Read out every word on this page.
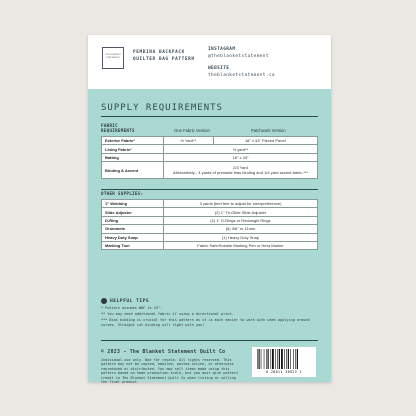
THE BLANKET STATEMENT
PEMBINA BACKPACK
QUILTED BAG PATTERN
INSTAGRAM
@theblanketstatement
WEBSITE
theblanketstatement.ca
SUPPLY REQUIREMENTS
FABRIC
REQUIREMENTS	One Fabric Version	Patchwork Version
Exterior Fabric*	½ Yard**	18" x 43" Pieced Panel
Lining Fabric*	½ yard**	
Batting	18" x 43"	
Binding & Accent	2/3 Yard
Alternatively - 4 yards of premade bias binding and 1/4 yard accent fabric.***	
OTHER SUPPLIES:
1" Webbing	3 yards (feel free to adjust for size/preference)
Slide Adjuster	(2) 1" Tri-Glide Slide Adjuster
D-Ring	(2) 1" D-Rings or Rectangle Rings
Grommets	(6) 3/8" or 11mm
Heavy Duty Snap	(1) Heavy Duty Snap
Marking Tool	Fabric Safe/Soluble Marking Pen or Hera Marker
HELPFUL TIPS
* Pattern assumes WOF is 43".
** You may need additional fabric if using a directional print.
*** Bias binding is crucial for this pattern as it is much easier to work with when applying around curves. Straight cut binding will fight with you!
© 2023 - The Blanket Statement Quilt Co
Individual use only. Not for resale. All rights reserved. This pattern may not be copied, emailed, posted online, or otherwise reproduced or distributed. You may sell items made using this pattern based on home production scale, but you must give pattern credit to The Blanket Statement Quilt Co when listing or selling the final product.
6 28011 36922 2
